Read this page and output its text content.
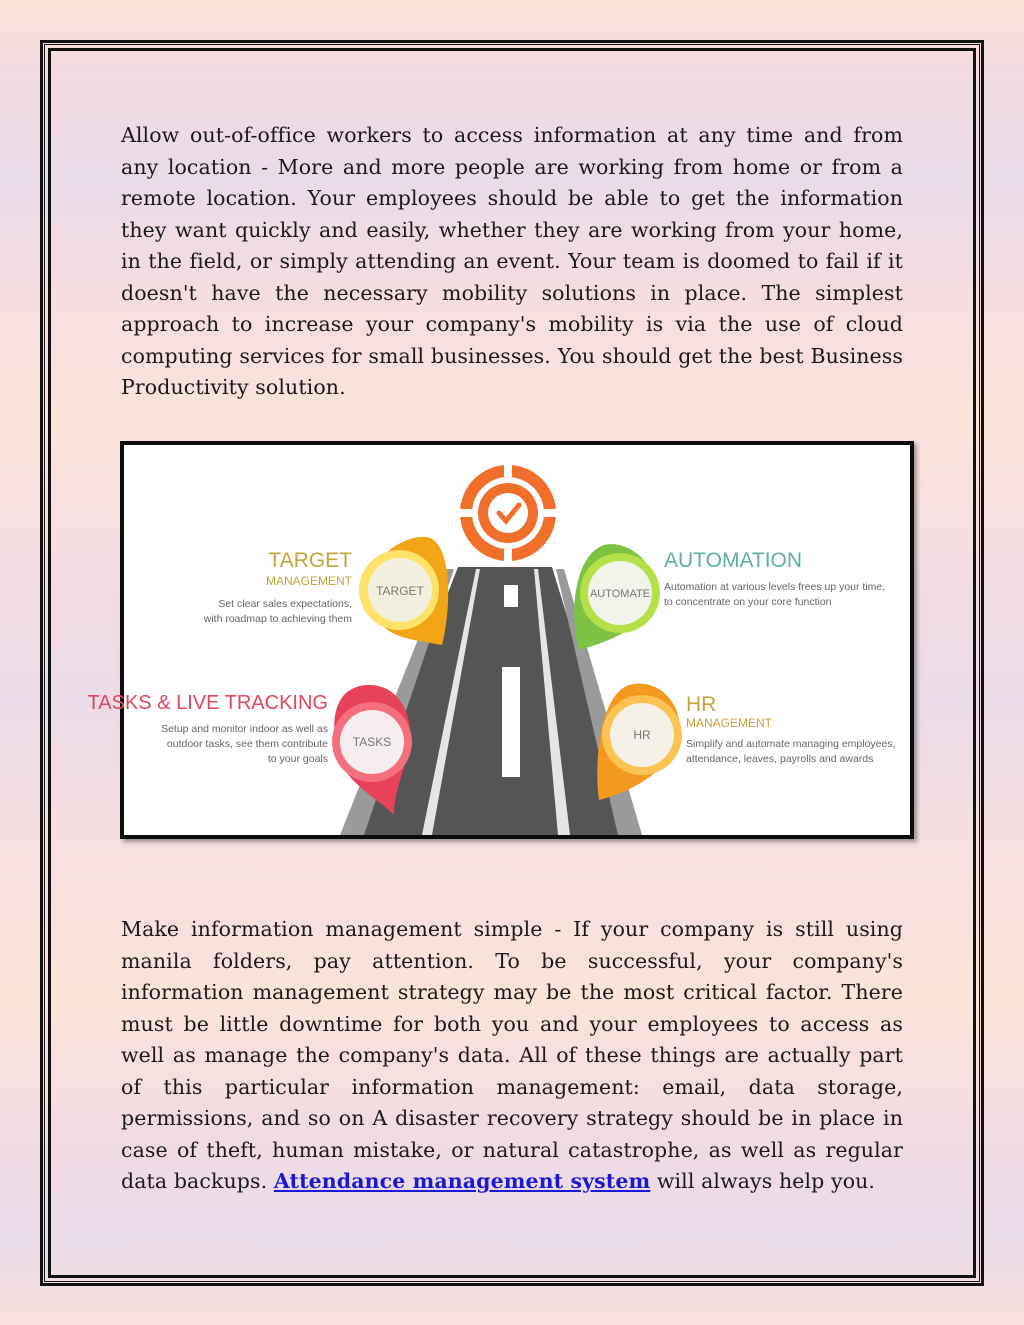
Allow out-of-office workers to access information at any time and from any location - More and more people are working from home or from a remote location. Your employees should be able to get the information they want quickly and easily, whether they are working from your home, in the field, or simply attending an event. Your team is doomed to fail if it doesn't have the necessary mobility solutions in place. The simplest approach to increase your company's mobility is via the use of cloud computing services for small businesses. You should get the best Business Productivity solution.

TARGET	AUTOMATE
TASKS	HR
TARGET
MANAGEMENT
Set clear sales expectations,
with roadmap to achieving them
AUTOMATION
Automation at various levels frees up your time,
to concentrate on your core function
TASKS & LIVE TRACKING
Setup and monitor indoor as well as
outdoor tasks, see them contribute
to your goals
HR
MANAGEMENT
Simplify and automate managing employees,
attendance, leaves, payrolls and awards

Make information management simple - If your company is still using manila folders, pay attention. To be successful, your company's information management strategy may be the most critical factor. There must be little downtime for both you and your employees to access as well as manage the company's data. All of these things are actually part of this particular information management: email, data storage, permissions, and so on A disaster recovery strategy should be in place in case of theft, human mistake, or natural catastrophe, as well as regular data backups. Attendance management system will always help you.
